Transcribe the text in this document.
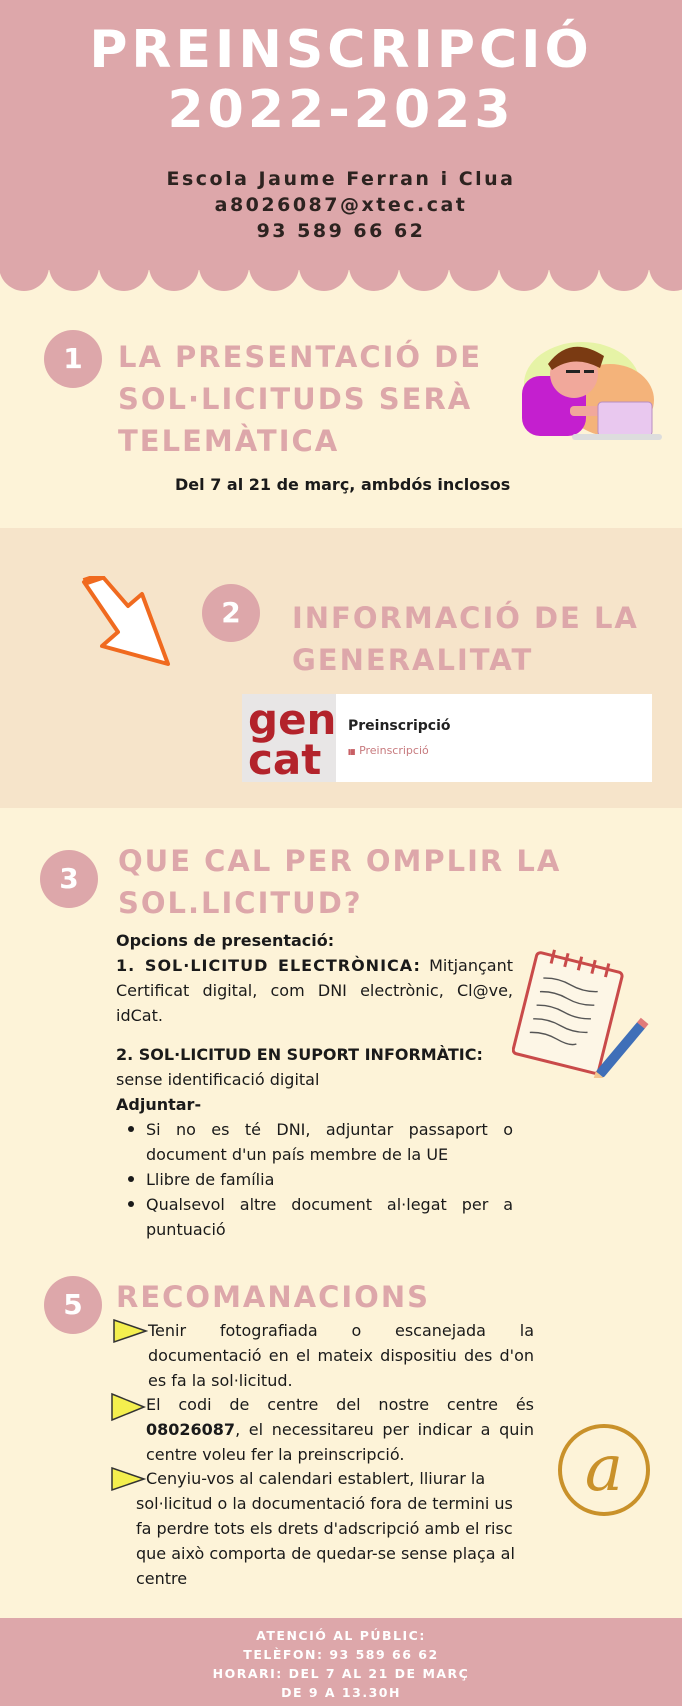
PREINSCRIPCIÓ
2022-2023
Escola Jaume Ferran i Clua
a8026087@xtec.cat
93 589 66 62
1	LA PRESENTACIÓ DE
SOL·LICITUDS SERÀ
TELEMÀTICA
Del 7 al 21 de març, ambdós inclosos
2	INFORMACIÓ DE LA
GENERALITAT
gen
cat
Preinscripció
▦ Preinscripció
3
QUE CAL PER OMPLIR LA
SOL.LICITUD?
Opcions de presentació:
1. SOL·LICITUD ELECTRÒNICA: Mitjançant Certificat digital, com DNI electrònic, Cl@ve, idCat.
2. SOL·LICITUD EN SUPORT INFORMÀTIC: sense identificació digital
Adjuntar-
Si no es té DNI, adjuntar passaport o document d'un país membre de la UE
Llibre de família
Qualsevol altre document al·legat per a puntuació
5	RECOMANACIONS
Tenir fotografiada o escanejada la documentació en el mateix dispositiu des d'on es fa la sol·licitud.
El codi de centre del nostre centre és 08026087, el necessitareu per indicar a quin centre voleu fer la preinscripció.
Cenyiu-vos al calendari establert, lliurar la sol·licitud o la documentació fora de termini us fa perdre tots els drets d'adscripció amb el risc que això comporta de quedar-se sense plaça al centre
a
ATENCIÓ AL PÚBLIC:
TELÈFON: 93 589 66 62
HORARI: DEL 7 AL 21 DE MARÇ
DE 9 A 13.30H
